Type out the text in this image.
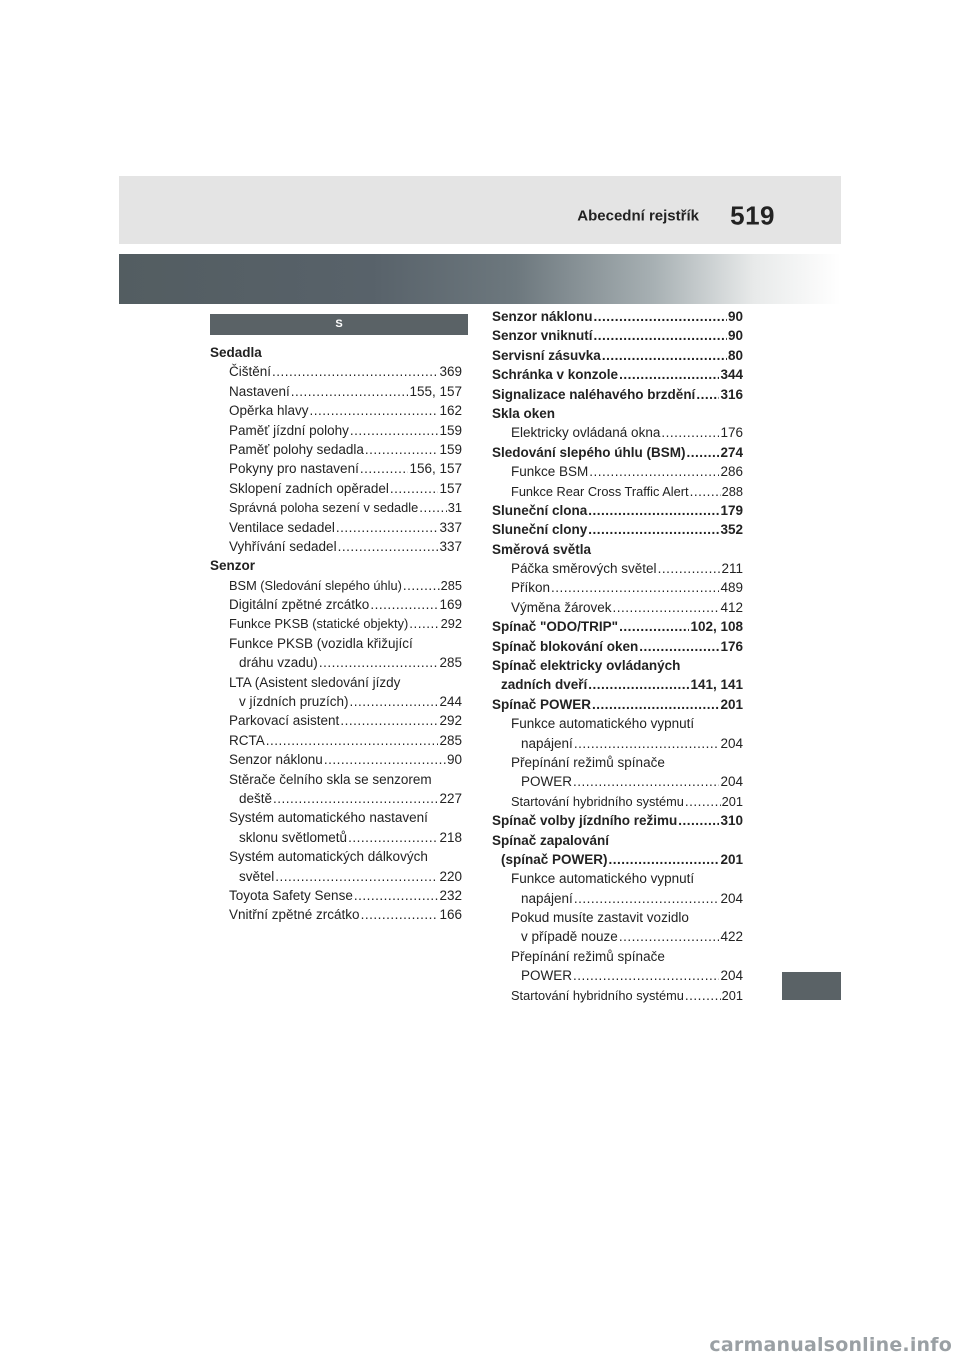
Abecední rejstřík 519
S
Sedadla
Čištění .....	369
Nastavení .....	155, 157
Opěrka hlavy .....	162
Paměť jízdní polohy .....	159
Paměť polohy sedadla .....	159
Pokyny pro nastavení .....	156, 157
Sklopení zadních opěradel .....	157
Správná poloha sezení v sedadle ..... 31
Ventilace sedadel .....	337
Vyhřívání sedadel .....	337
Senzor
BSM (Sledování slepého úhlu) .....	285
Digitální zpětné zrcátko .....	169
Funkce PKSB (statické objekty) .....	292
Funkce PKSB (vozidla křižující
dráhu vzadu) .....	285
LTA (Asistent sledování jízdy
v jízdních pruzích) .....	244
Parkovací asistent .....	292
RCTA .....	285
Senzor náklonu .....	90
Stěrače čelního skla se senzorem
deště .....	227
Systém automatického nastavení
sklonu světlometů .....	218
Systém automatických dálkových
světel .....	220
Toyota Safety Sense .....	232
Vnitřní zpětné zrcátko .....	166
Senzor náklonu .....	90
Senzor vniknutí .....	90
Servisní zásuvka .....	80
Schránka v konzole .....	344
Signalizace naléhavého brzdění ..... 316
Skla oken
Elektricky ovládaná okna .....	176
Sledování slepého úhlu (BSM) .....	274
Funkce BSM .....	286
Funkce Rear Cross Traffic Alert .....	288
Sluneční clona .....	179
Sluneční clony .....	352
Směrová světla
Páčka směrových světel .....	211
Příkon .....	489
Výměna žárovek .....	412
Spínač "ODO/TRIP" .....	102, 108
Spínač blokování oken .....	176
Spínač elektricky ovládaných
zadních dveří .....	141, 141
Spínač POWER .....	201
Funkce automatického vypnutí
napájení .....	204
Přepínání režimů spínače
POWER .....	204
Startování hybridního systému .....	201
Spínač volby jízdního režimu .....	310
Spínač zapalování
(spínač POWER) .....	201
Funkce automatického vypnutí
napájení .....	204
Pokud musíte zastavit vozidlo
v případě nouze .....	422
Přepínání režimů spínače
POWER .....	204
Startování hybridního systému .....	201
carmanualsonline.info
